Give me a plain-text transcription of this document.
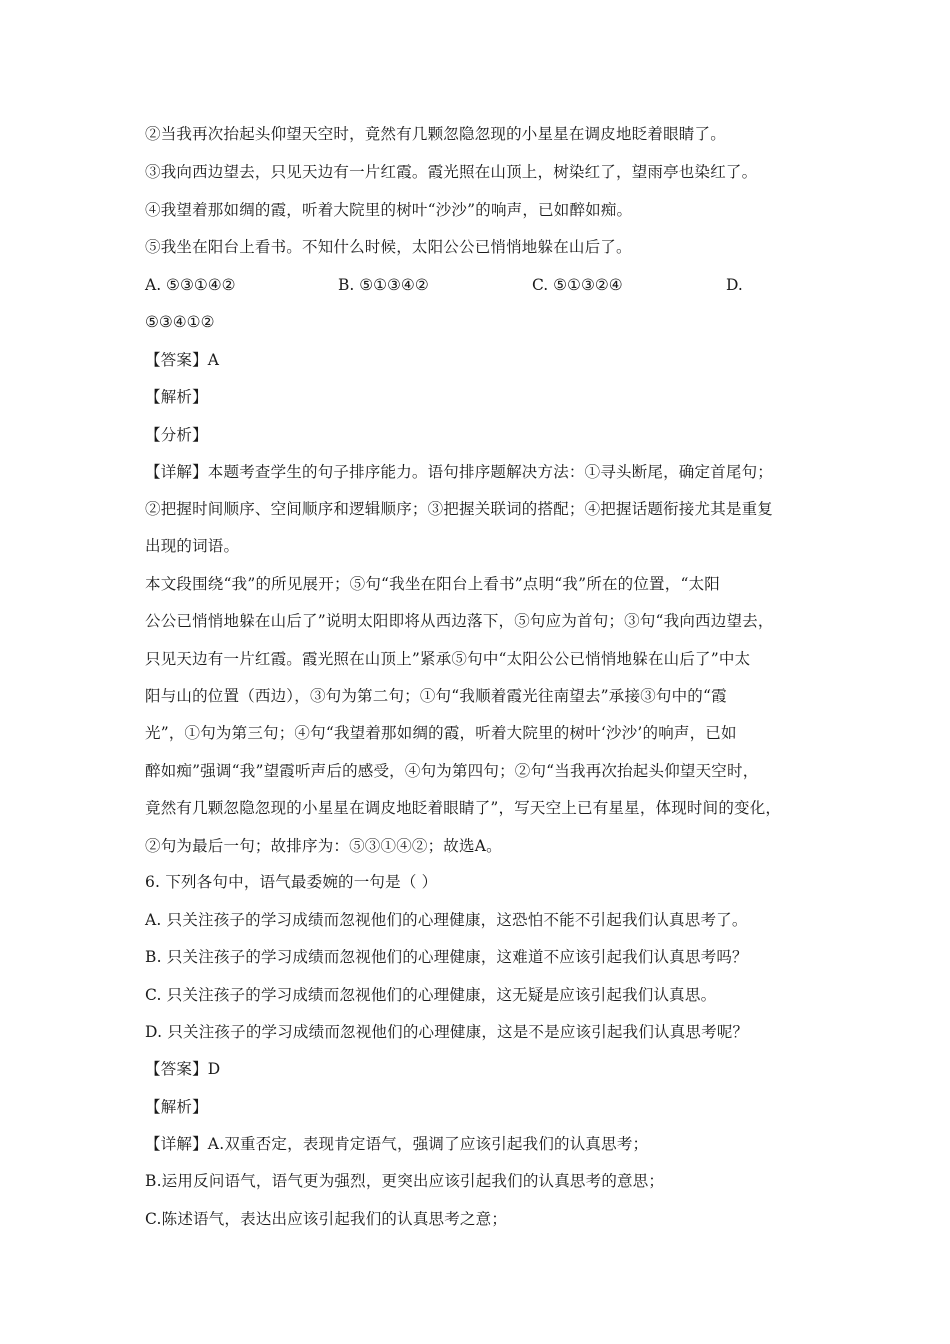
②当我再次抬起头仰望天空时，竟然有几颗忽隐忽现的小星星在调皮地眨着眼睛了。
③我向西边望去，只见天边有一片红霞。霞光照在山顶上，树染红了，望雨亭也染红了。
④我望着那如绸的霞，听着大院里的树叶“沙沙”的响声，已如醉如痴。
⑤我坐在阳台上看书。不知什么时候，太阳公公已悄悄地躲在山后了。
A. ⑤③①④②	B. ⑤①③④②	C. ⑤①③②④	D.
⑤③④①②
【答案】A
【解析】
【分析】
【详解】本题考查学生的句子排序能力。语句排序题解决方法：①寻头断尾，确定首尾句；
②把握时间顺序、空间顺序和逻辑顺序；③把握关联词的搭配；④把握话题衔接尤其是重复
出现的词语。
本文段围绕“我”的所见展开；⑤句“我坐在阳台上看书”点明“我”所在的位置，“太阳
公公已悄悄地躲在山后了”说明太阳即将从西边落下，⑤句应为首句；③句“我向西边望去，
只见天边有一片红霞。霞光照在山顶上”紧承⑤句中“太阳公公已悄悄地躲在山后了”中太
阳与山的位置（西边），③句为第二句；①句“我顺着霞光往南望去”承接③句中的“霞
光”，①句为第三句；④句“我望着那如绸的霞，听着大院里的树叶‘沙沙’的响声，已如
醉如痴”强调“我”望霞听声后的感受，④句为第四句；②句“当我再次抬起头仰望天空时，
竟然有几颗忽隐忽现的小星星在调皮地眨着眼睛了”，写天空上已有星星，体现时间的变化，
②句为最后一句；故排序为：⑤③①④②；故选A。
6. 下列各句中，语气最委婉的一句是（ ）
A. 只关注孩子的学习成绩而忽视他们的心理健康，这恐怕不能不引起我们认真思考了。
B. 只关注孩子的学习成绩而忽视他们的心理健康，这难道不应该引起我们认真思考吗？
C. 只关注孩子的学习成绩而忽视他们的心理健康，这无疑是应该引起我们认真思。
D. 只关注孩子的学习成绩而忽视他们的心理健康，这是不是应该引起我们认真思考呢？
【答案】D
【解析】
【详解】A.双重否定，表现肯定语气，强调了应该引起我们的认真思考；
B.运用反问语气，语气更为强烈，更突出应该引起我们的认真思考的意思；
C.陈述语气，表达出应该引起我们的认真思考之意；
